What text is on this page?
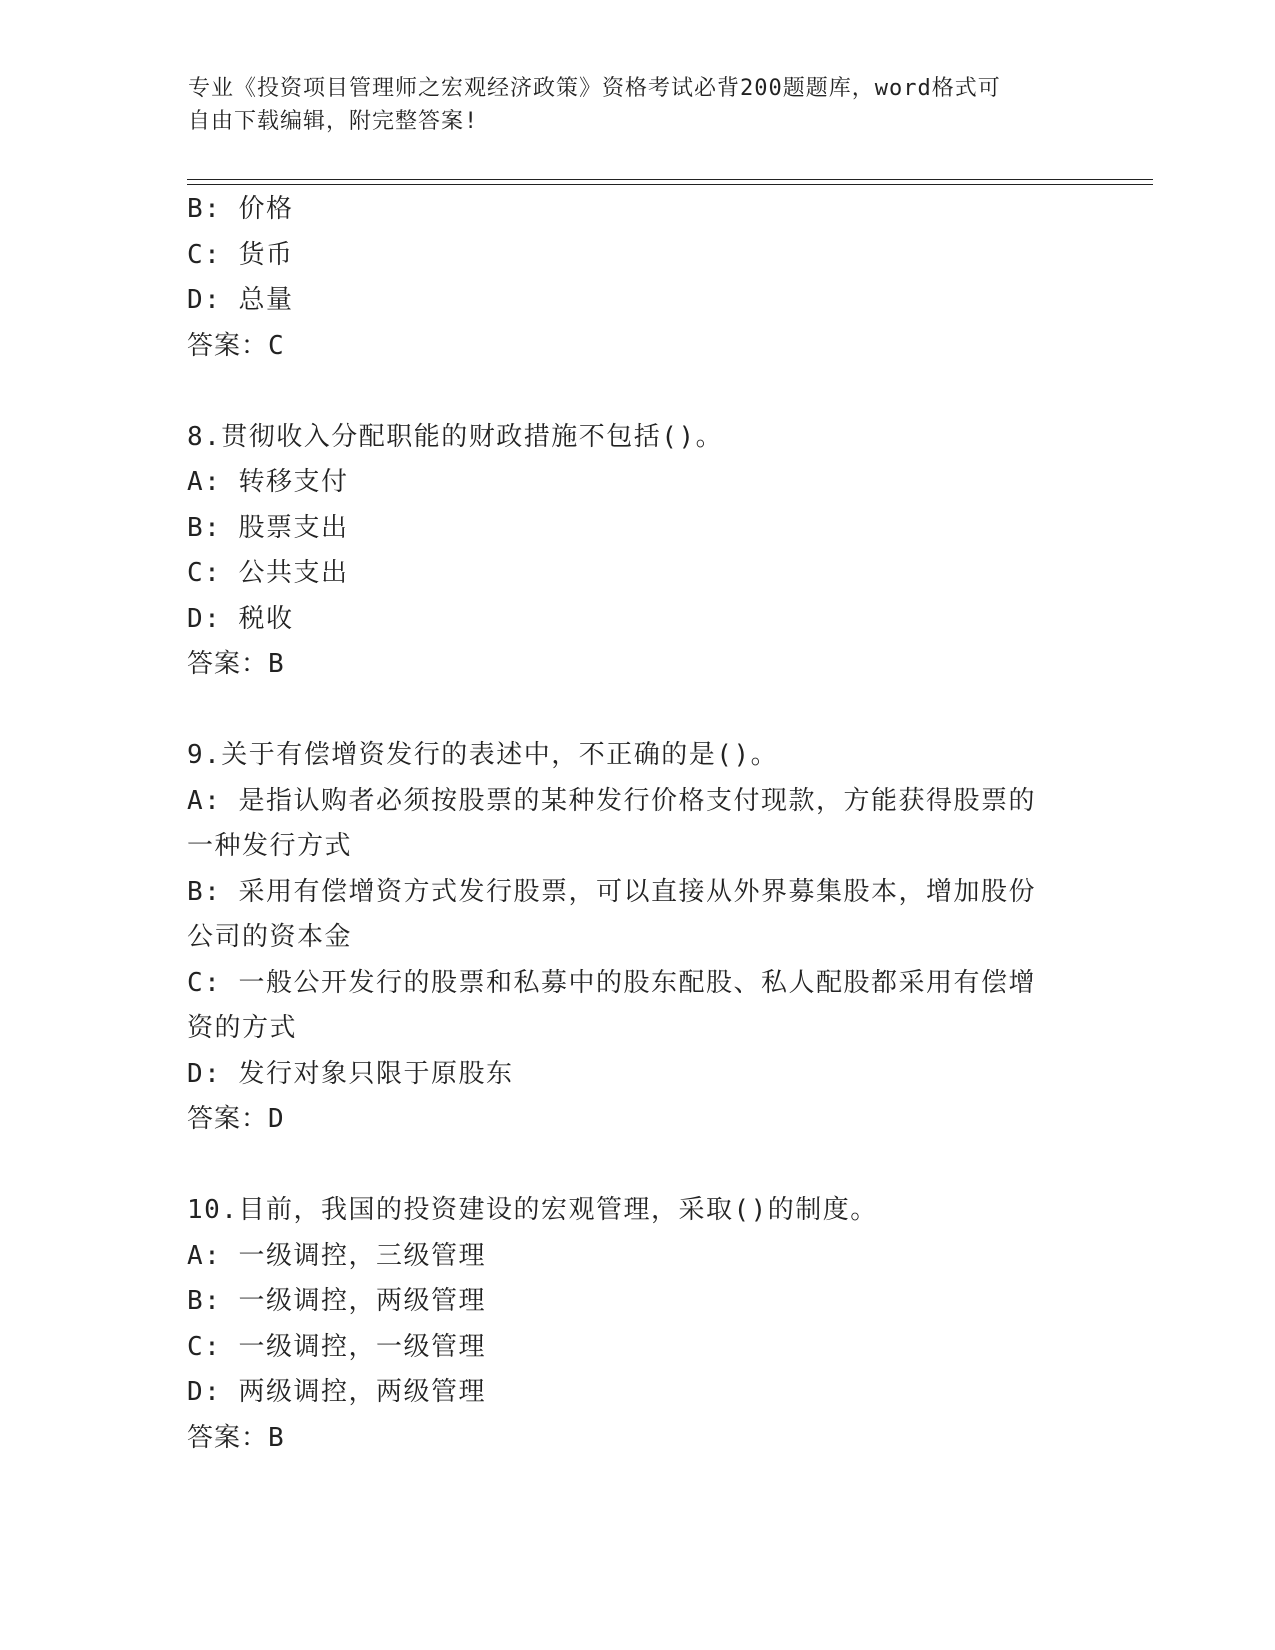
专业《投资项目管理师之宏观经济政策》资格考试必背200题题库，word格式可
自由下载编辑，附完整答案!
B: 价格
C: 货币
D: 总量
答案：C
8.贯彻收入分配职能的财政措施不包括()。
A: 转移支付
B: 股票支出
C: 公共支出
D: 税收
答案：B
9.关于有偿增资发行的表述中，不正确的是()。
A: 是指认购者必须按股票的某种发行价格支付现款，方能获得股票的
一种发行方式
B: 采用有偿增资方式发行股票，可以直接从外界募集股本，增加股份
公司的资本金
C: 一般公开发行的股票和私募中的股东配股、私人配股都采用有偿增
资的方式
D: 发行对象只限于原股东
答案：D
10.目前，我国的投资建设的宏观管理，采取()的制度。
A: 一级调控，三级管理
B: 一级调控，两级管理
C: 一级调控，一级管理
D: 两级调控，两级管理
答案：B
